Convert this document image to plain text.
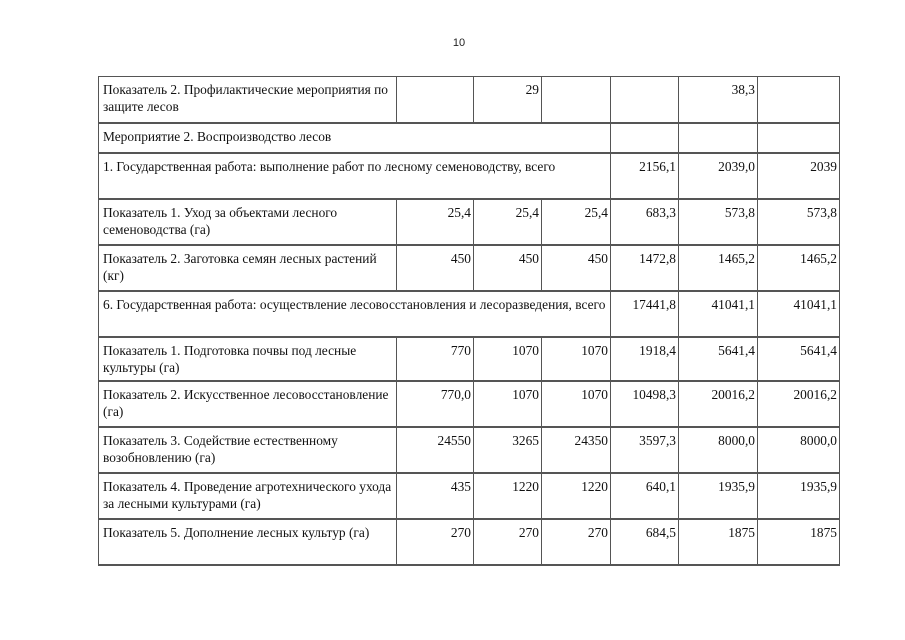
10
Показатель 2. Профилактические мероприятия по защите лесов		29			38,3	
Мероприятие 2. Воспроизводство лесов						
1. Государственная работа: выполнение работ по лесному семеноводству, всего				2156,1	2039,0	2039
Показатель 1. Уход за объектами лесного семеноводства (га)	25,4	25,4	25,4	683,3	573,8	573,8
Показатель 2. Заготовка семян лесных растений (кг)	450	450	450	1472,8	1465,2	1465,2
6. Государственная работа: осуществление лесовосстановления и лесоразведения, всего				17441,8	41041,1	41041,1
Показатель 1. Подготовка почвы под лесные культуры (га)	770	1070	1070	1918,4	5641,4	5641,4
Показатель 2. Искусственное лесовосстановление (га)	770,0	1070	1070	10498,3	20016,2	20016,2
Показатель 3. Содействие естественному возобновлению (га)	24550	3265	24350	3597,3	8000,0	8000,0
Показатель 4. Проведение агротехнического ухода за лесными культурами (га)	435	1220	1220	640,1	1935,9	1935,9
Показатель 5. Дополнение лесных культур (га)	270	270	270	684,5	1875	1875
